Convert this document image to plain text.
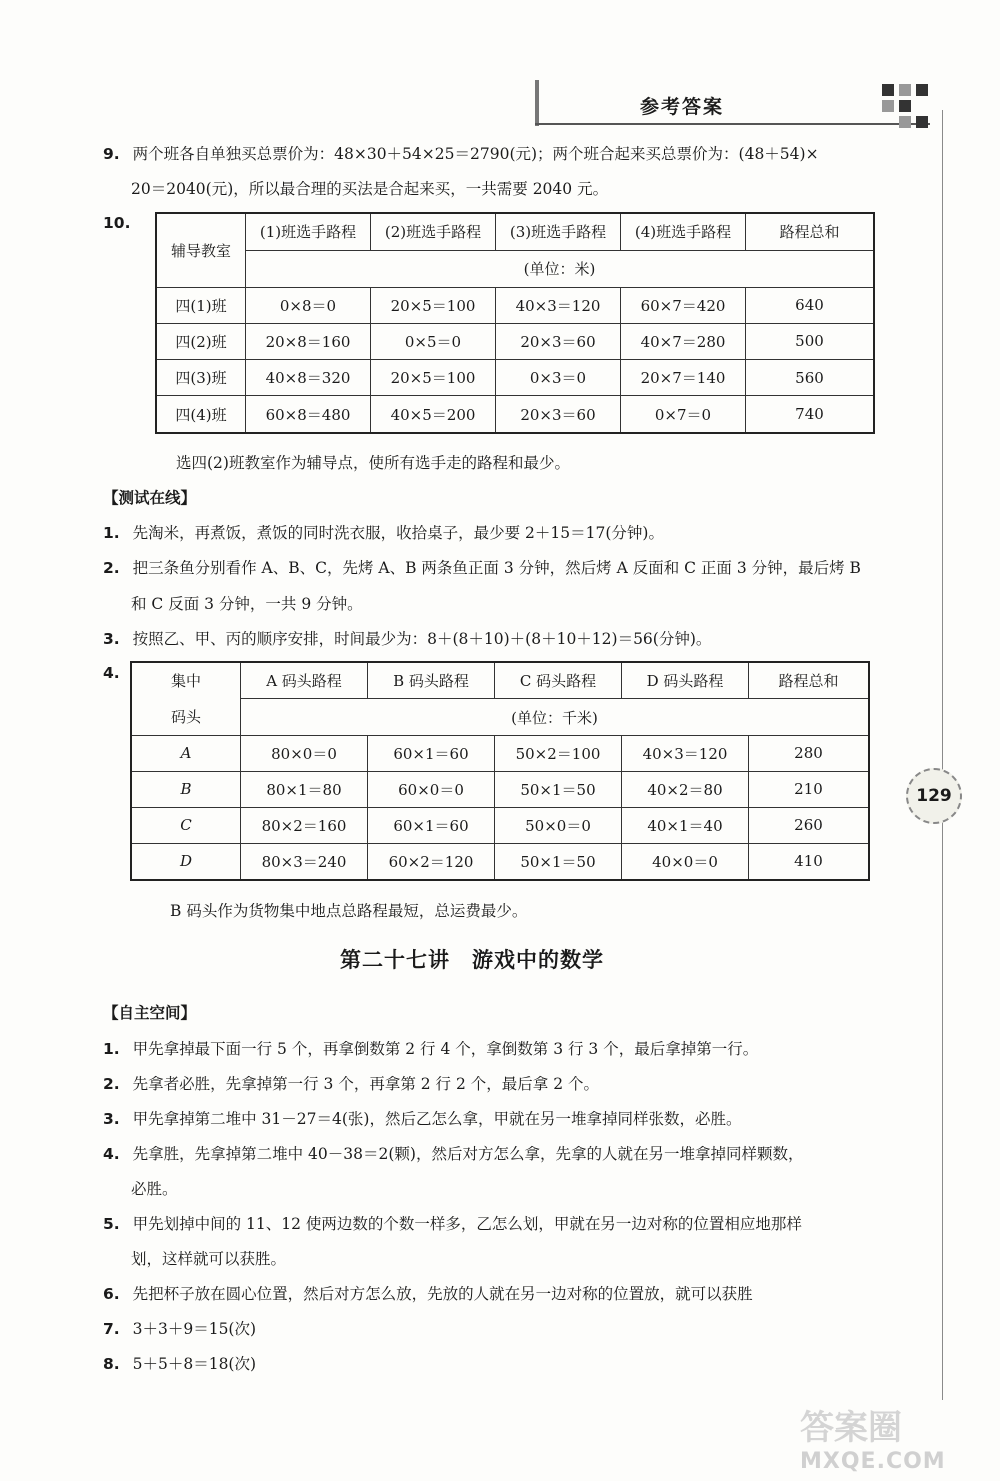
参考答案
129
9. 两个班各自单独买总票价为：48×30＋54×25＝2790(元)；两个班合起来买总票价为：(48＋54)×
20＝2040(元)，所以最合理的买法是合起来买，一共需要 2040 元。
10.
辅导教室	(1)班选手路程	(2)班选手路程	(3)班选手路程	(4)班选手路程	路程总和
	(单位：米)				
四(1)班	0×8＝0	20×5＝100	40×3＝120	60×7＝420	640
四(2)班	20×8＝160	0×5＝0	20×3＝60	40×7＝280	500
四(3)班	40×8＝320	20×5＝100	0×3＝0	20×7＝140	560
四(4)班	60×8＝480	40×5＝200	20×3＝60	0×7＝0	740
选四(2)班教室作为辅导点，使所有选手走的路程和最少。
【测试在线】
1. 先淘米，再煮饭，煮饭的同时洗衣服，收拾桌子，最少要 2＋15＝17(分钟)。
2. 把三条鱼分别看作 A、B、C，先烤 A、B 两条鱼正面 3 分钟，然后烤 A 反面和 C 正面 3 分钟，最后烤 B
和 C 反面 3 分钟，一共 9 分钟。
3. 按照乙、甲、丙的顺序安排，时间最少为：8＋(8＋10)＋(8＋10＋12)＝56(分钟)。
4.	集中
码头	A 码头路程	B 码头路程	C 码头路程	D 码头路程	路程总和
	(单位：千米)				
A	80×0＝0	60×1＝60	50×2＝100	40×3＝120	280
B	80×1＝80	60×0＝0	50×1＝50	40×2＝80	210
C	80×2＝160	60×1＝60	50×0＝0	40×1＝40	260
D	80×3＝240	60×2＝120	50×1＝50	40×0＝0	410
B 码头作为货物集中地点总路程最短，总运费最少。
第二十七讲　游戏中的数学
【自主空间】
1. 甲先拿掉最下面一行 5 个，再拿倒数第 2 行 4 个，拿倒数第 3 行 3 个，最后拿掉第一行。
2. 先拿者必胜，先拿掉第一行 3 个，再拿第 2 行 2 个，最后拿 2 个。
3. 甲先拿掉第二堆中 31－27＝4(张)，然后乙怎么拿，甲就在另一堆拿掉同样张数，必胜。
4. 先拿胜，先拿掉第二堆中 40－38＝2(颗)，然后对方怎么拿，先拿的人就在另一堆拿掉同样颗数，
必胜。
5. 甲先划掉中间的 11、12 使两边数的个数一样多，乙怎么划，甲就在另一边对称的位置相应地那样
划，这样就可以获胜。
6. 先把杯子放在圆心位置，然后对方怎么放，先放的人就在另一边对称的位置放，就可以获胜
7. 3＋3＋9＝15(次)
8. 5＋5＋8＝18(次)
答案圈
MXQE.COM
